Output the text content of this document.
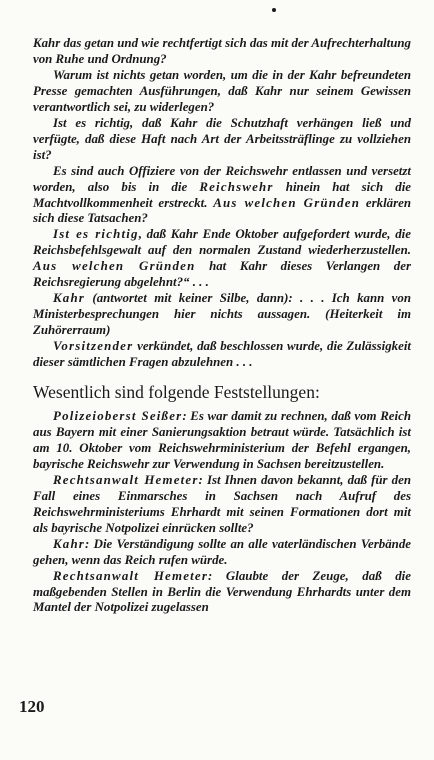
Kahr das getan und wie rechtfertigt sich das mit der Aufrechterhaltung von Ruhe und Ordnung?

Warum ist nichts getan worden, um die in der Kahr befreundeten Presse gemachten Ausführungen, daß Kahr nur seinem Gewissen verantwortlich sei, zu widerlegen?

Ist es richtig, daß Kahr die Schutzhaft verhängen ließ und verfügte, daß diese Haft nach Art der Arbeitssträflinge zu vollziehen ist?

Es sind auch Offiziere von der Reichswehr entlassen und versetzt worden, also bis in die Reichswehr hinein hat sich die Machtvollkommenheit erstreckt. Aus welchen Gründen erklären sich diese Tatsachen?

Ist es richtig, daß Kahr Ende Oktober aufgefordert wurde, die Reichsbefehlsgewalt auf den normalen Zustand wiederherzustellen. Aus welchen Gründen hat Kahr dieses Verlangen der Reichsregierung abgelehnt?“ . . .

Kahr (antwortet mit keiner Silbe, dann): . . . Ich kann von Ministerbesprechungen hier nichts aussagen. (Heiterkeit im Zuhörerraum)

Vorsitzender verkündet, daß beschlossen wurde, die Zulässigkeit dieser sämtlichen Fragen abzulehnen . . .

Wesentlich sind folgende Feststellungen:

Polizeioberst Seißer: Es war damit zu rechnen, daß vom Reich aus Bayern mit einer Sanierungsaktion betraut würde. Tatsächlich ist am 10. Oktober vom Reichswehrministerium der Befehl ergangen, bayrische Reichswehr zur Verwendung in Sachsen bereitzustellen.

Rechtsanwalt Hemeter: Ist Ihnen davon bekannt, daß für den Fall eines Einmarsches in Sachsen nach Aufruf des Reichswehrministeriums Ehrhardt mit seinen Formationen dort mit als bayrische Notpolizei einrücken sollte?

Kahr: Die Verständigung sollte an alle vaterländischen Verbände gehen, wenn das Reich rufen würde.

Rechtsanwalt Hemeter: Glaubte der Zeuge, daß die maßgebenden Stellen in Berlin die Verwendung Ehrhardts unter dem Mantel der Notpolizei zugelassen

120
